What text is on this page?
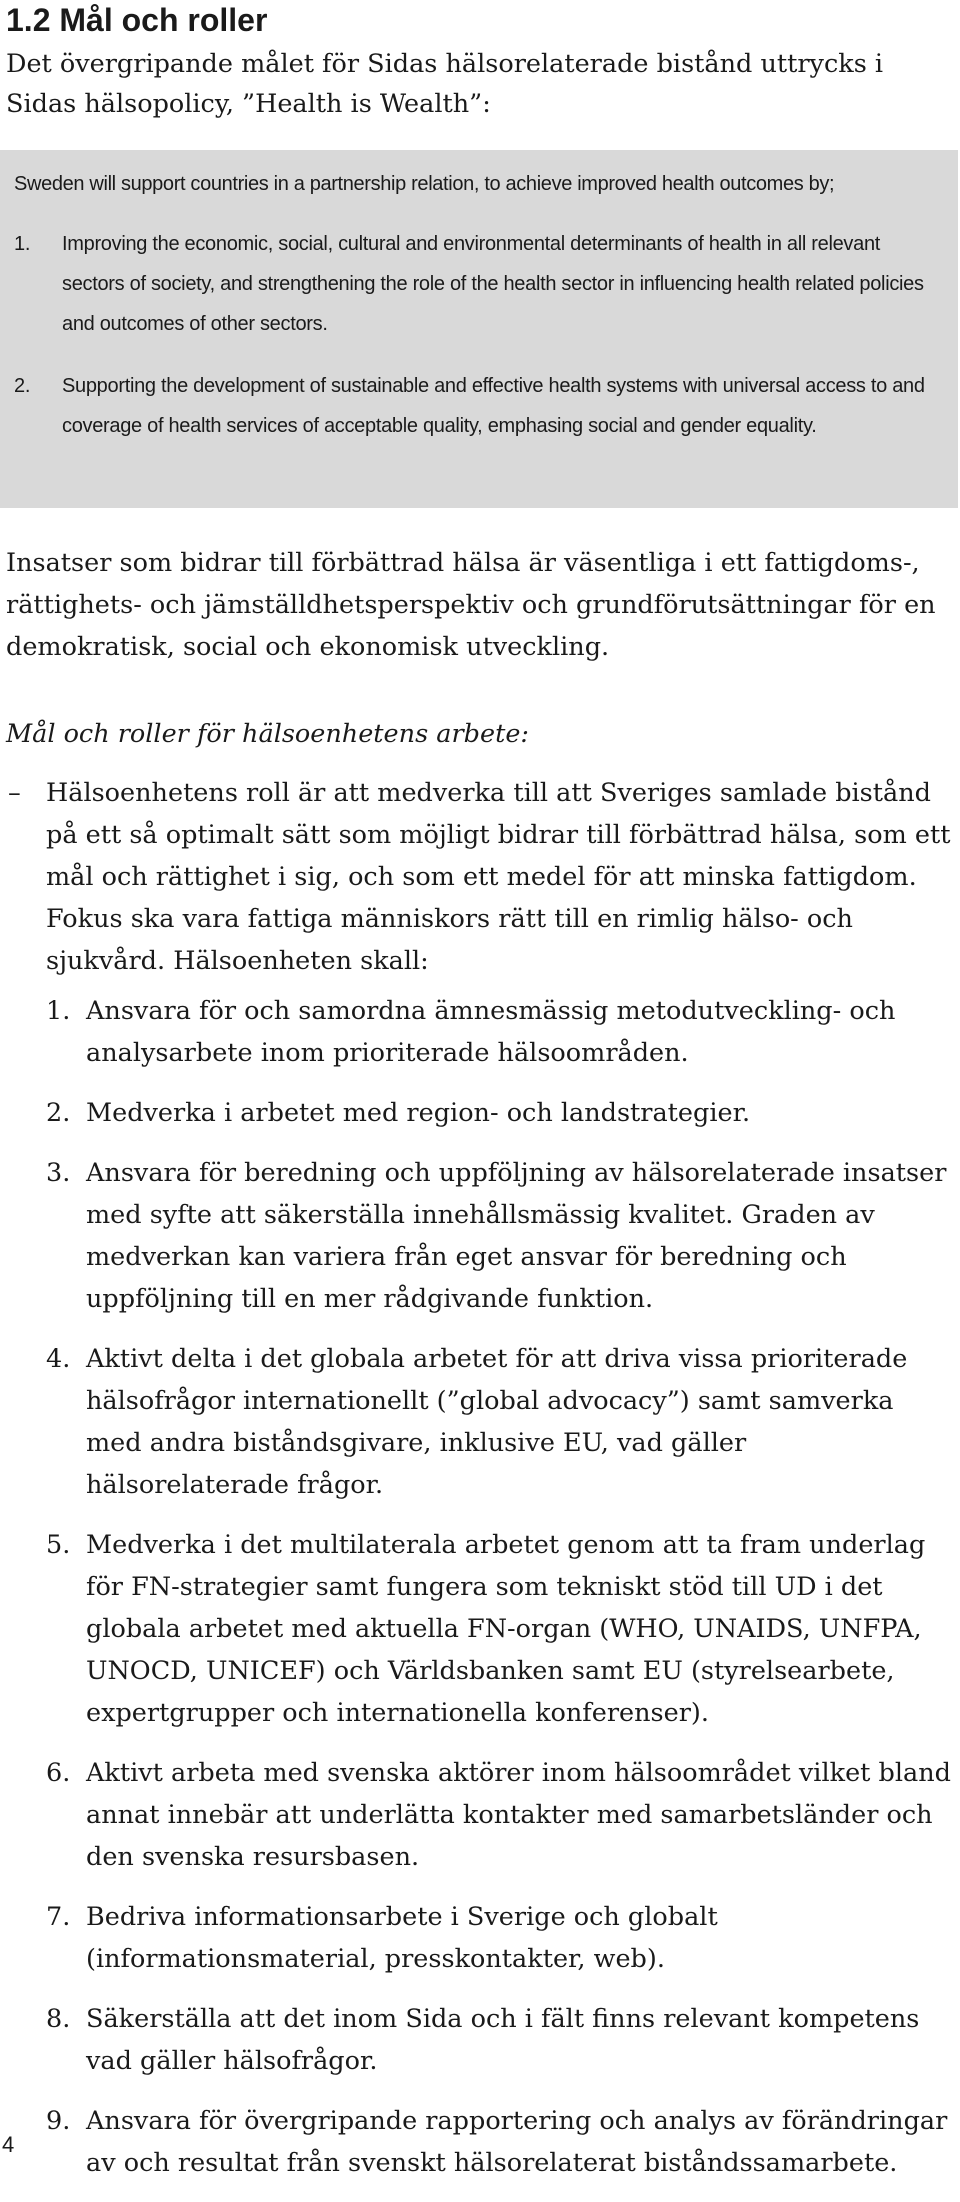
1.2 Mål och roller
Det övergripande målet för Sidas hälsorelaterade bistånd uttrycks i Sidas hälsopolicy, ”Health is Wealth”:
Sweden will support countries in a partnership relation, to achieve improved health outcomes by;
1. Improving the economic, social, cultural and environmental determinants of health in all relevant sectors of society, and strengthening the role of the health sector in influencing health related policies and outcomes of other sectors.
2. Supporting the development of sustainable and effective health systems with universal access to and coverage of health services of acceptable quality, emphasing social and gender equality.
Insatser som bidrar till förbättrad hälsa är väsentliga i ett fattigdoms-, rättighets- och jämställdhetsperspektiv och grundförutsättningar för en demokratisk, social och ekonomisk utveckling.
Mål och roller för hälsoenhetens arbete:
– Hälsoenhetens roll är att medverka till att Sveriges samlade bistånd på ett så optimalt sätt som möjligt bidrar till förbättrad hälsa, som ett mål och rättighet i sig, och som ett medel för att minska fattigdom. Fokus ska vara fattiga människors rätt till en rimlig hälso- och sjukvård. Hälsoenheten skall:
1. Ansvara för och samordna ämnesmässig metodutveckling- och analysarbete inom prioriterade hälsoområden.
2. Medverka i arbetet med region- och landstrategier.
3. Ansvara för beredning och uppföljning av hälsorelaterade insatser med syfte att säkerställa innehållsmässig kvalitet. Graden av medverkan kan variera från eget ansvar för beredning och uppföljning till en mer rådgivande funktion.
4. Aktivt delta i det globala arbetet för att driva vissa prioriterade hälsofrågor internationellt (”global advocacy”) samt samverka med andra biståndsgivare, inklusive EU, vad gäller hälsorelaterade frågor.
5. Medverka i det multilaterala arbetet genom att ta fram underlag för FN-strategier samt fungera som tekniskt stöd till UD i det globala arbetet med aktuella FN-organ (WHO, UNAIDS, UNFPA, UNOCD, UNICEF) och Världsbanken samt EU (styrelsearbete, expertgrupper och internationella konferenser).
6. Aktivt arbeta med svenska aktörer inom hälsoområdet vilket bland annat innebär att underlätta kontakter med samarbetsländer och den svenska resursbasen.
7. Bedriva informationsarbete i Sverige och globalt (informationsmaterial, presskontakter, web).
8. Säkerställa att det inom Sida och i fält finns relevant kompetens vad gäller hälsofrågor.
9. Ansvara för övergripande rapportering och analys av förändringar av och resultat från svenskt hälsorelaterat biståndssamarbete.
4
